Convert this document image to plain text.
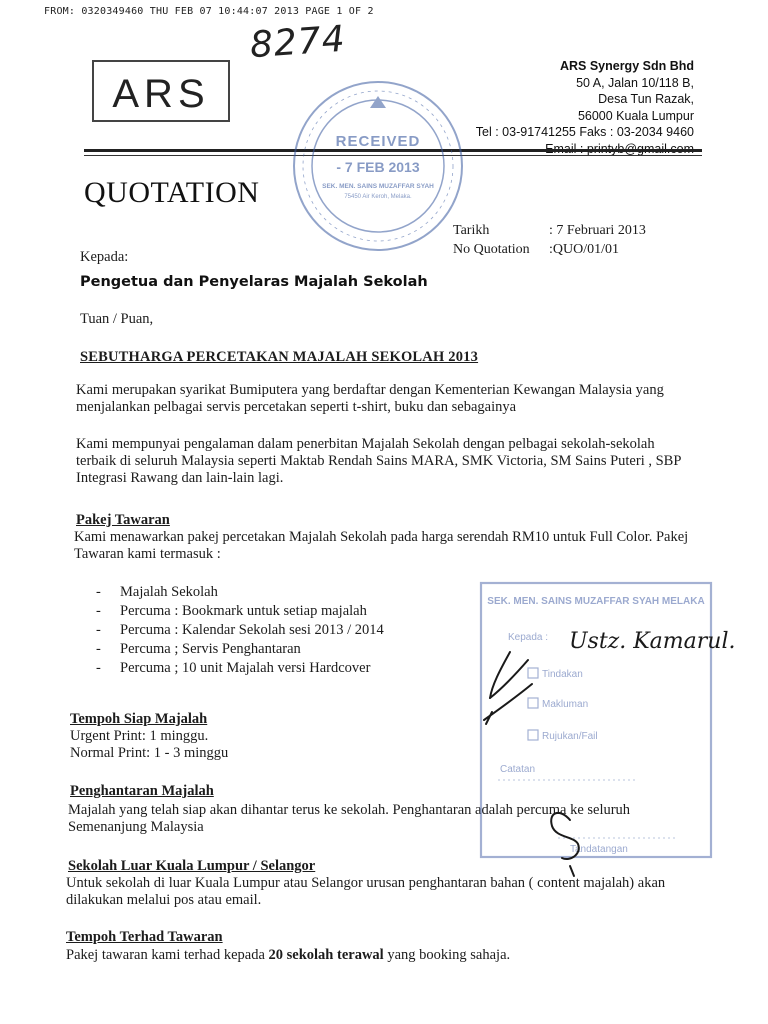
FROM: 0320349460 THU FEB 07 10:44:07 2013 PAGE 1 OF 2
8274
ARS
ARS Synergy Sdn Bhd
50 A, Jalan 10/118 B,
Desa Tun Razak,
56000 Kuala Lumpur
Tel : 03-91741255 Faks : 03-2034 9460
Email : printyb@gmail.com
QUOTATION
RECEIVED
- 7 FEB 2013
SEK. MEN. SAINS MUZAFFAR SYAH
75450 Air Keroh, Melaka.
Tarikh	: 7 Februari 2013
No Quotation	:QUO/01/01
Kepada:
Pengetua dan Penyelaras Majalah Sekolah
Tuan / Puan,
SEBUTHARGA PERCETAKAN MAJALAH SEKOLAH 2013
Kami merupakan syarikat Bumiputera yang berdaftar dengan Kementerian Kewangan Malaysia yang menjalankan pelbagai servis percetakan seperti t-shirt, buku dan sebagainya
Kami mempunyai pengalaman dalam penerbitan Majalah Sekolah dengan pelbagai sekolah-sekolah terbaik di seluruh Malaysia seperti Maktab Rendah Sains MARA, SMK Victoria, SM Sains Puteri , SBP Integrasi Rawang dan lain-lain lagi.
Pakej Tawaran
Kami menawarkan pakej percetakan Majalah Sekolah pada harga serendah RM10 untuk Full Color. Pakej Tawaran kami termasuk :
-	Majalah Sekolah
-	Percuma : Bookmark untuk setiap majalah
-	Percuma : Kalendar Sekolah sesi 2013 / 2014
-	Percuma ; Servis Penghantaran
-	Percuma ; 10 unit Majalah versi Hardcover
Tempoh Siap Majalah
Urgent Print: 1 minggu.
Normal Print: 1 - 3 minggu
Penghantaran Majalah
Majalah yang telah siap akan dihantar terus ke sekolah. Penghantaran adalah percuma ke seluruh Semenanjung Malaysia
Sekolah Luar Kuala Lumpur / Selangor
Untuk sekolah di luar Kuala Lumpur atau Selangor urusan penghantaran bahan ( content majalah) akan dilakukan melalui pos atau email.
Tempoh Terhad Tawaran
Pakej tawaran kami terhad kepada 20 sekolah terawal yang booking sahaja.
SEK. MEN. SAINS MUZAFFAR SYAH MELAKA
Kepada :
Tindakan
Makluman
Rujukan/Fail
Catatan
Tandatangan
Ustz. Kamarul.
